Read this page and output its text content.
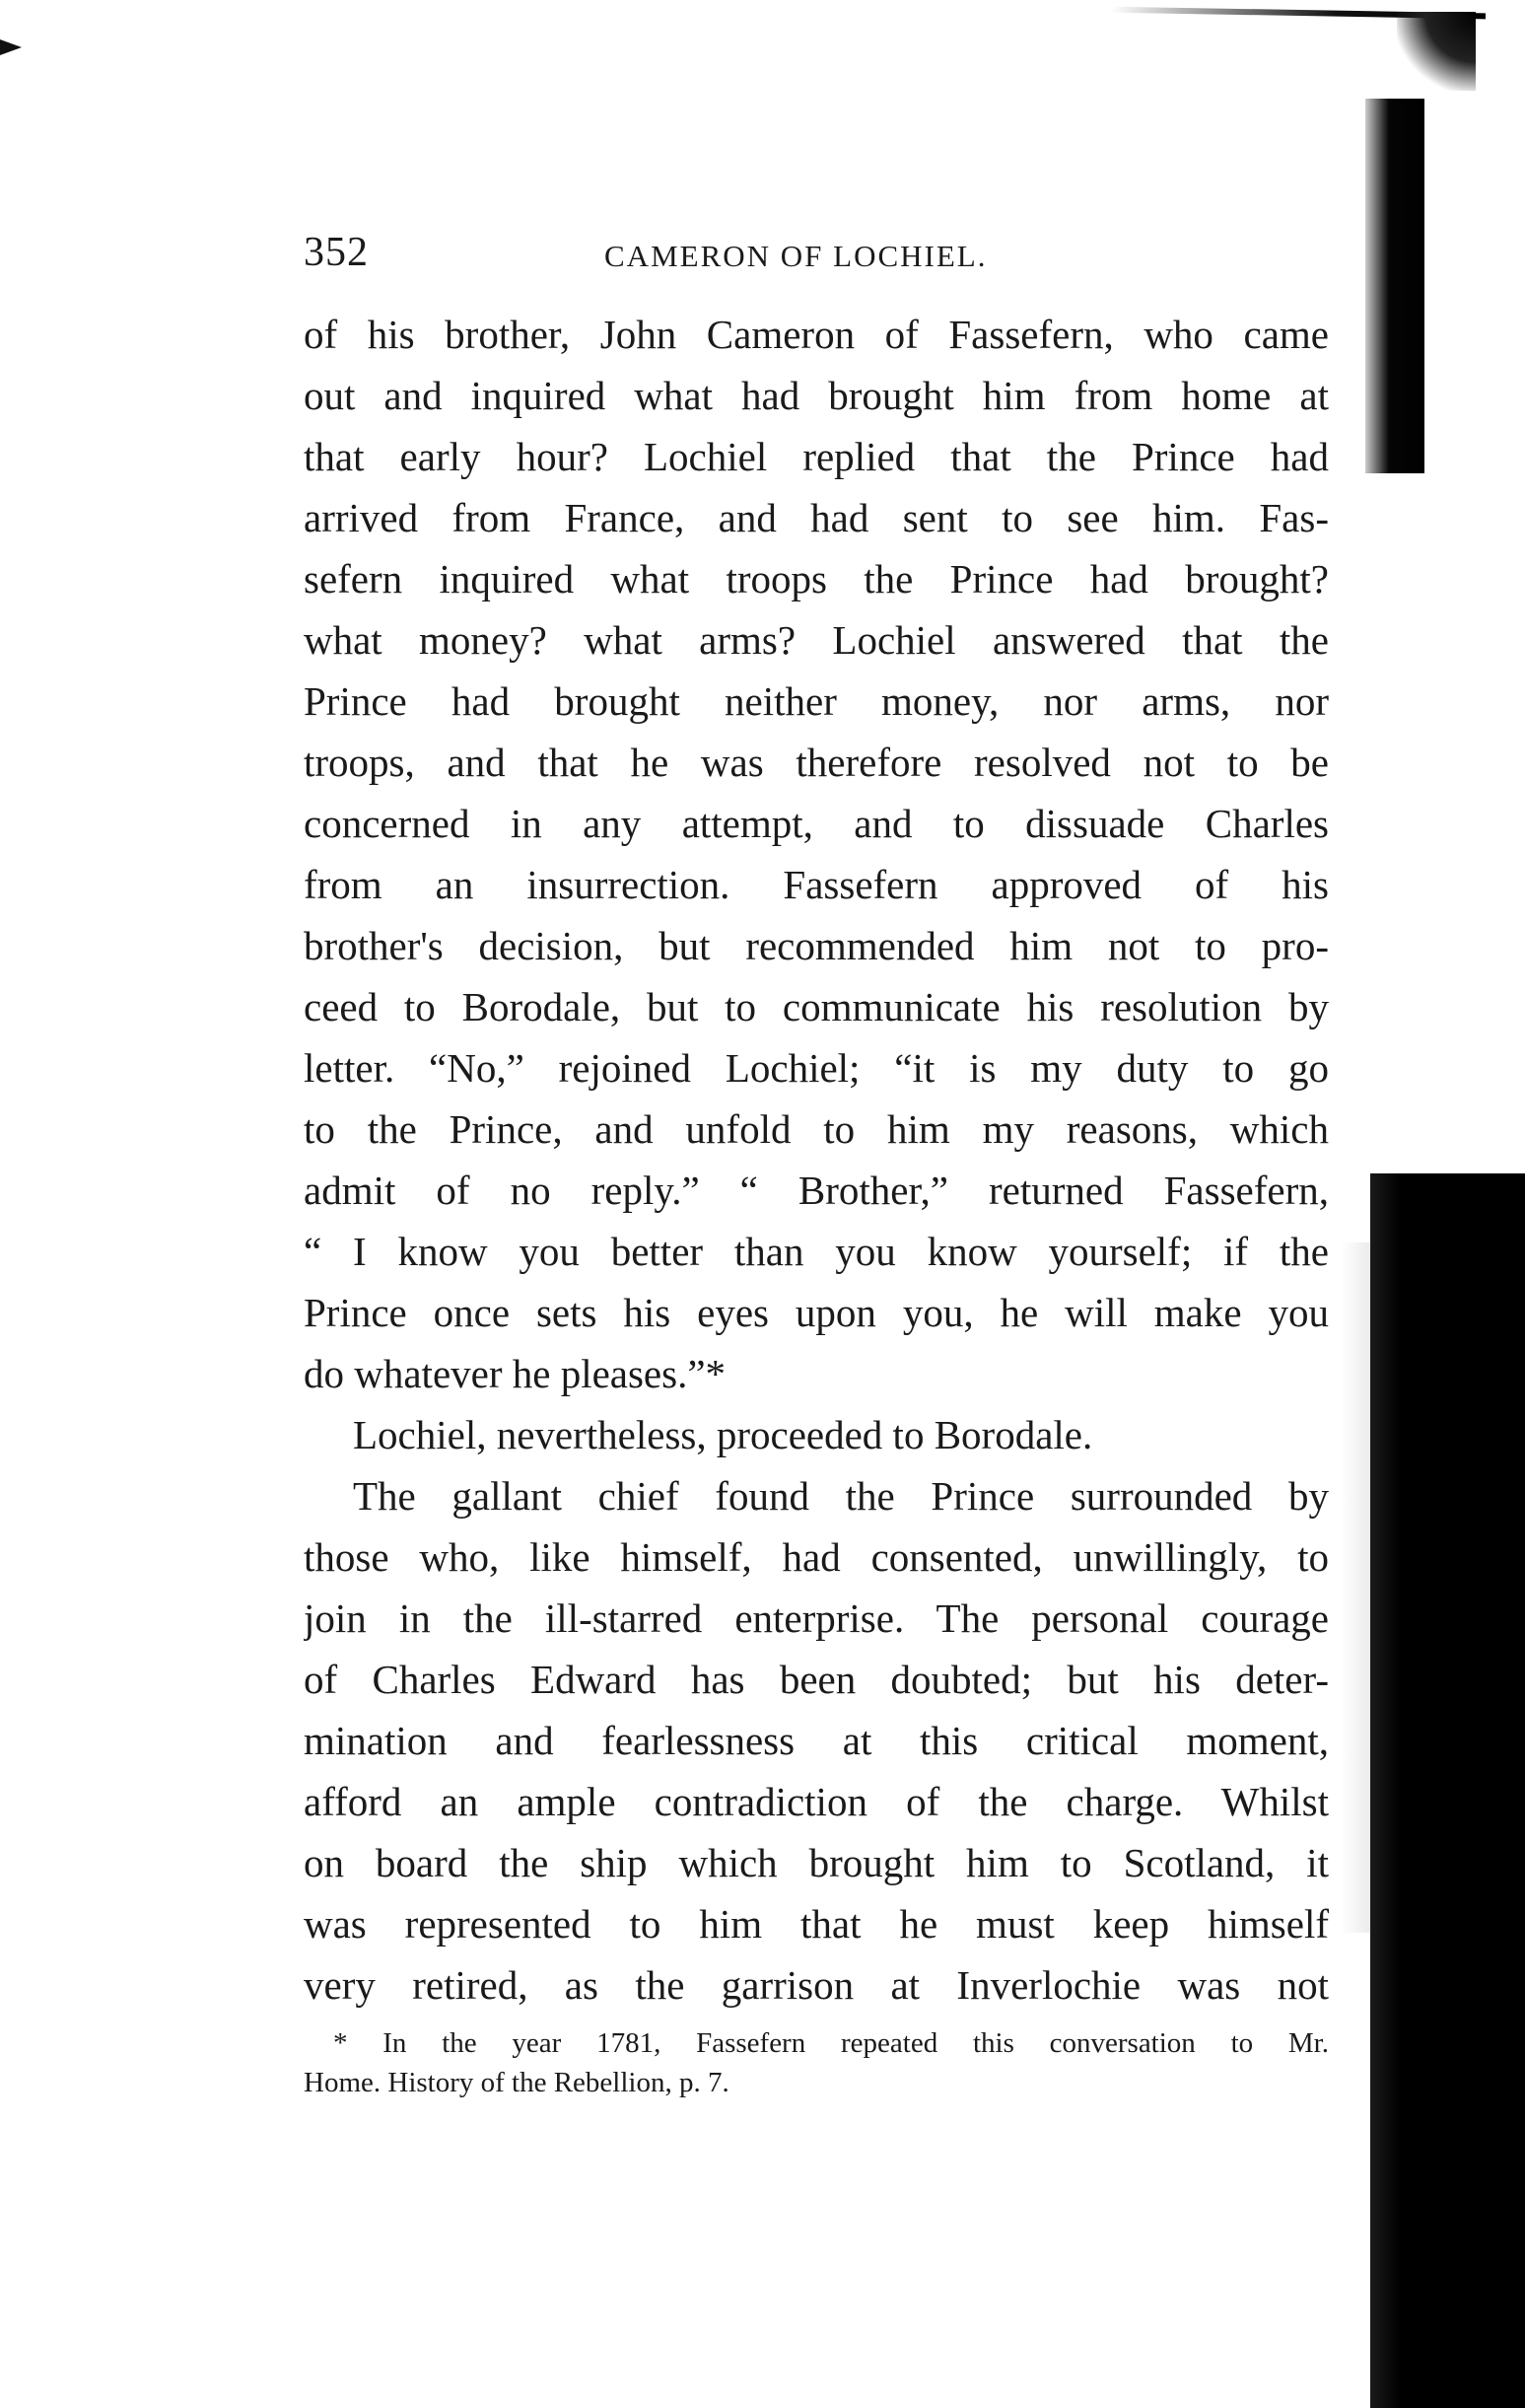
352	CAMERON OF LOCHIEL.
of his brother, John Cameron of Fassefern, who came
out and inquired what had brought him from home at
that early hour? Lochiel replied that the Prince had
arrived from France, and had sent to see him. Fas-
sefern inquired what troops the Prince had brought?
what money? what arms? Lochiel answered that the
Prince had brought neither money, nor arms, nor
troops, and that he was therefore resolved not to be
concerned in any attempt, and to dissuade Charles
from an insurrection. Fassefern approved of his
brother's decision, but recommended him not to pro-
ceed to Borodale, but to communicate his resolution by
letter. “No,” rejoined Lochiel; “it is my duty to go
to the Prince, and unfold to him my reasons, which
admit of no reply.” “ Brother,” returned Fassefern,
“ I know you better than you know yourself; if the
Prince once sets his eyes upon you, he will make you
do whatever he pleases.”*
Lochiel, nevertheless, proceeded to Borodale.
The gallant chief found the Prince surrounded by
those who, like himself, had consented, unwillingly, to
join in the ill-starred enterprise. The personal courage
of Charles Edward has been doubted; but his deter-
mination and fearlessness at this critical moment,
afford an ample contradiction of the charge. Whilst
on board the ship which brought him to Scotland, it
was represented to him that he must keep himself
very retired, as the garrison at Inverlochie was not
* In the year 1781, Fassefern repeated this conversation to Mr.
Home. History of the Rebellion, p. 7.
